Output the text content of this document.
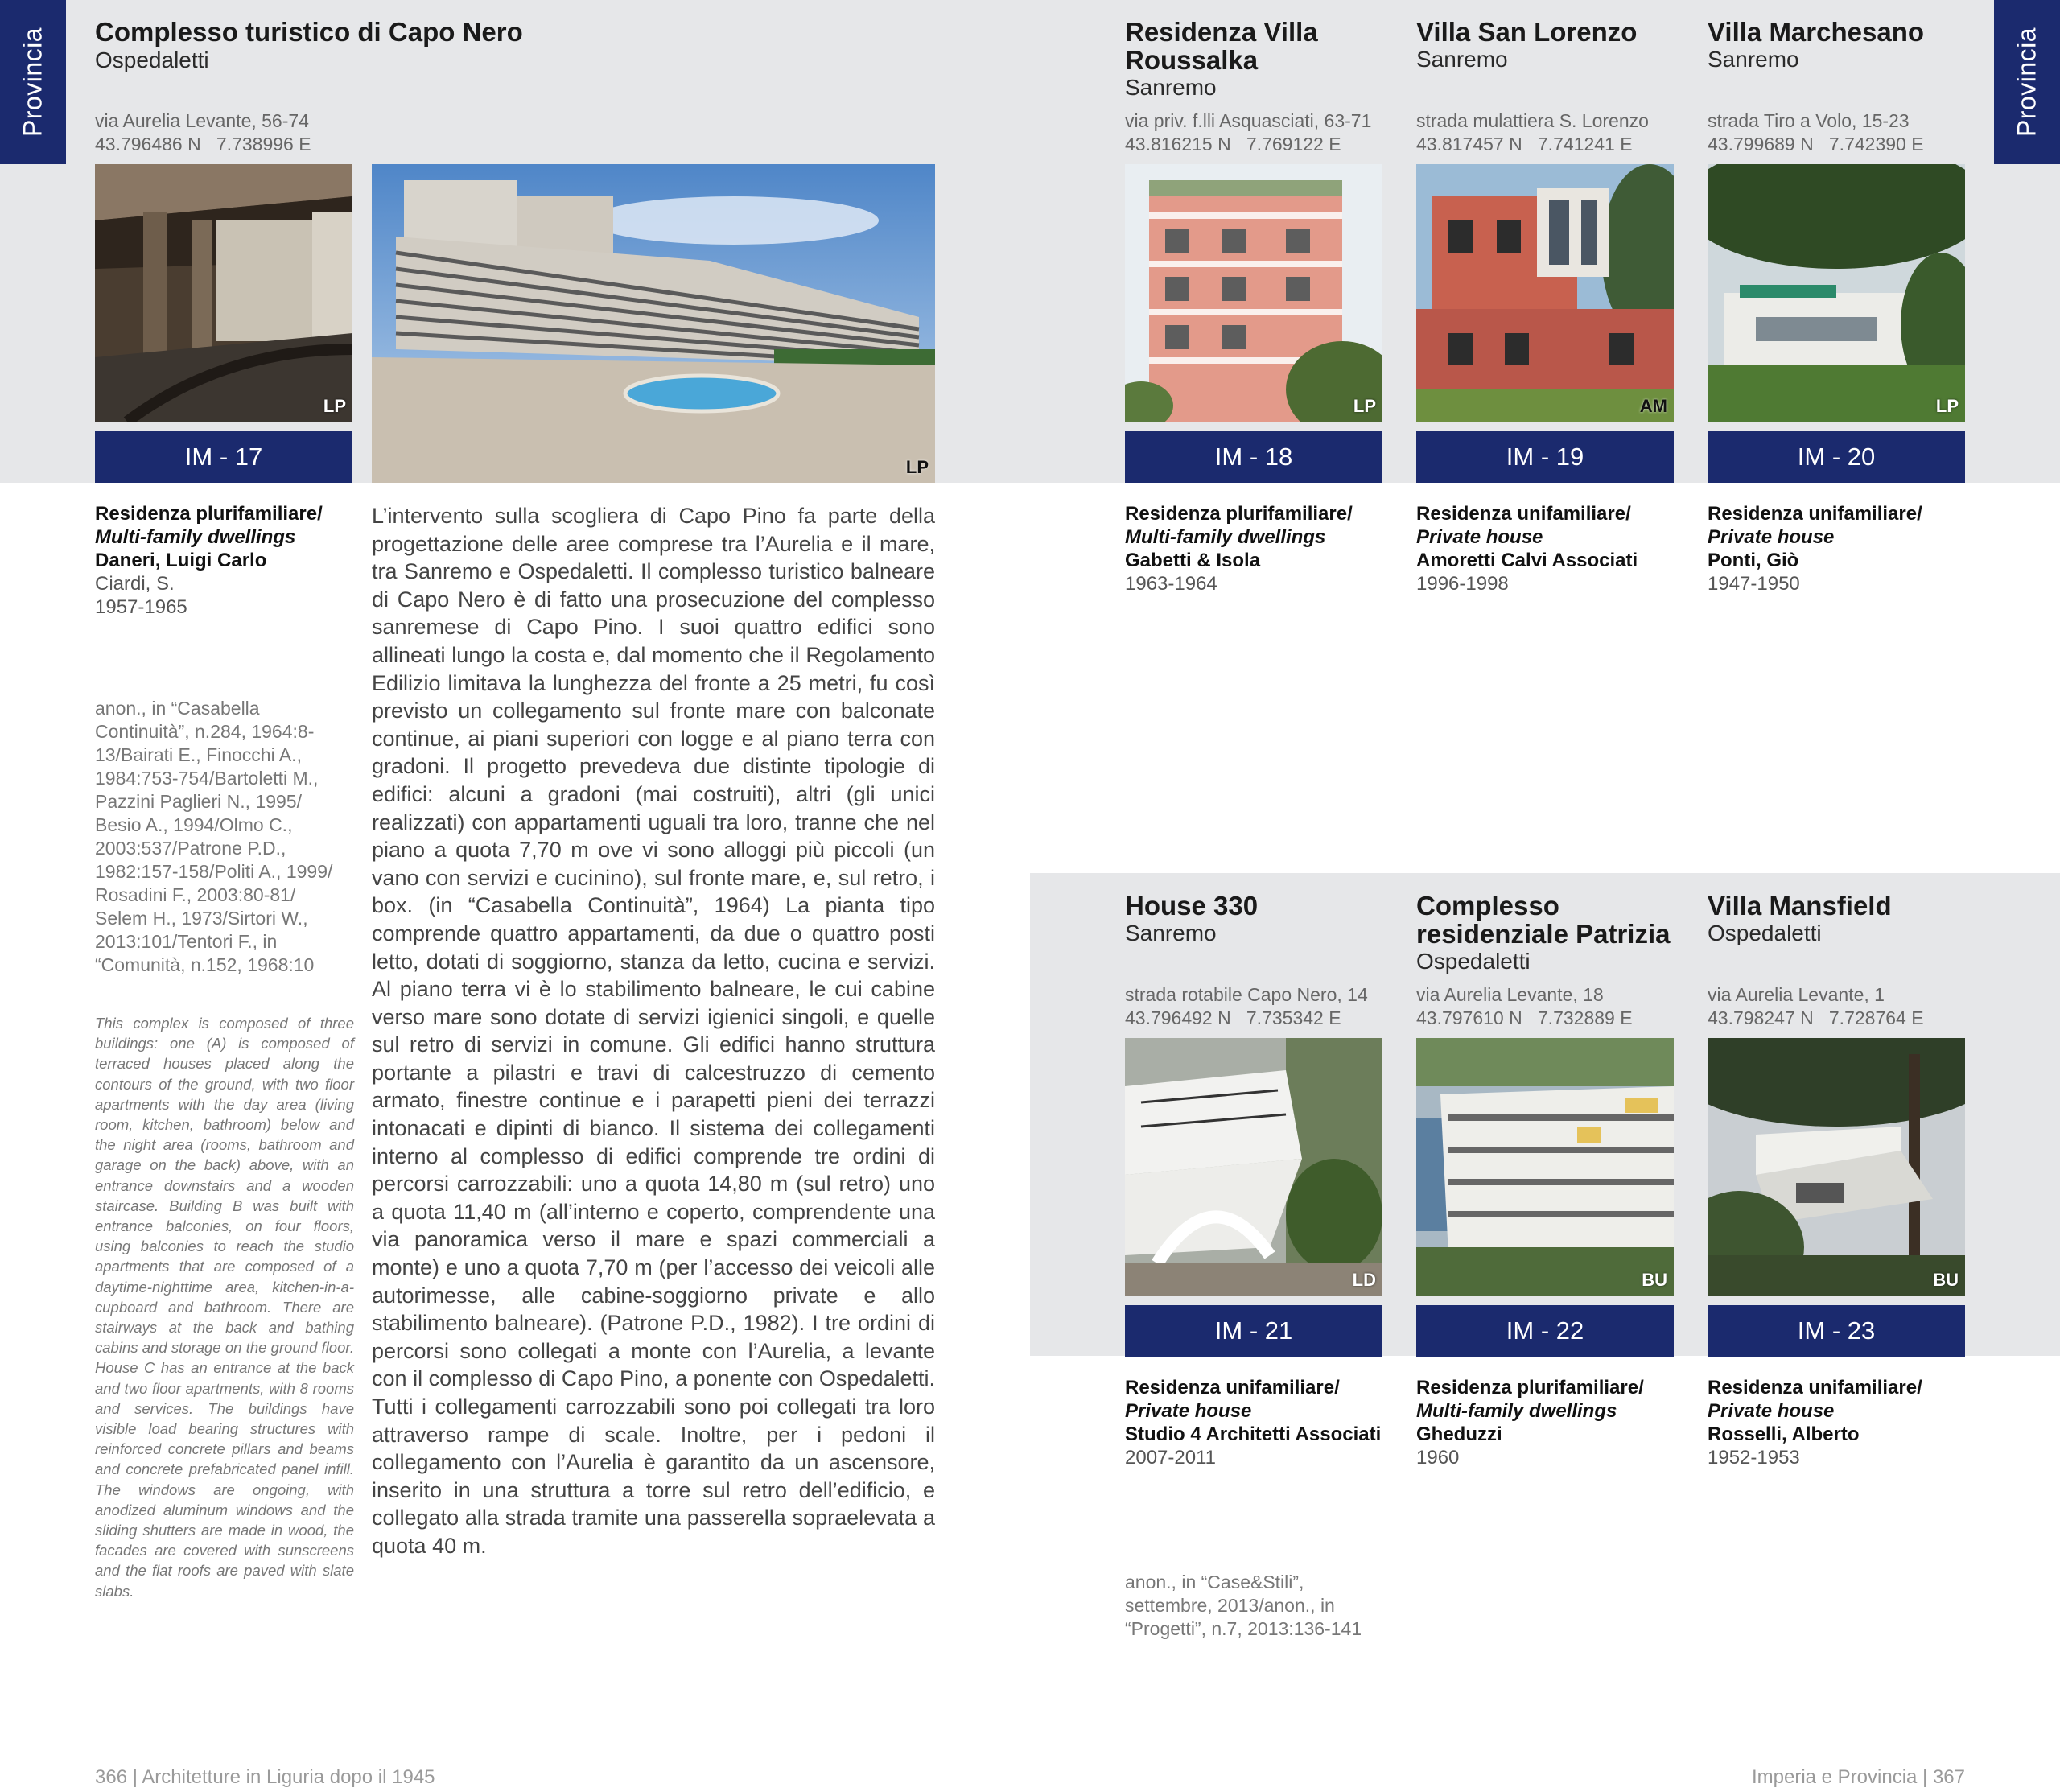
Provincia	Provincia
Complesso turistico di Capo Nero
Ospedaletti
via Aurelia Levante, 56-74
43.796486 N   7.738996 E
LP
LP
IM - 17
Residenza plurifamiliare/
Multi-family dwellings
Daneri, Luigi Carlo
Ciardi, S.
1957-1965
anon., in “Casabella Continuità”, n.284, 1964:8-13/Bairati E., Finocchi A., 1984:753-754/Bartoletti M., Pazzini Paglieri N., 1995/ Besio A., 1994/Olmo C., 2003:537/Patrone P.D., 1982:157-158/Politi A., 1999/ Rosadini F., 2003:80-81/ Selem H., 1973/Sirtori W., 2013:101/Tentori F., in “Comunità, n.152, 1968:10
This complex is composed of three buildings: one (A) is composed of terraced houses placed along the contours of the ground, with two floor apartments with the day area (living room, kitchen, bathroom) below and the night area (rooms, bathroom and garage on the back) above, with an entrance downstairs and a wooden staircase. Building B was built with entrance balconies, on four floors, using balconies to reach the studio apartments that are composed of a daytime-nighttime area, kitchen-in-a-cupboard and bathroom. There are stairways at the back and bathing cabins and storage on the ground floor. House C has an entrance at the back and two floor apartments, with 8 rooms and services. The buildings have visible load bearing structures with reinforced concrete pillars and beams and concrete prefabricated panel infill. The windows are ongoing, with anodized aluminum windows and the sliding shutters are made in wood, the facades are covered with sunscreens and the flat roofs are paved with slate slabs.
L’intervento sulla scogliera di Capo Pino fa parte della progettazione delle aree comprese tra l’Aurelia e il mare, tra Sanremo e Ospedaletti. Il complesso turistico balneare di Capo Nero è di fatto una prosecuzione del complesso sanremese di Capo Pino. I suoi quattro edifici sono allineati lungo la costa e, dal momento che il Regolamento Edilizio limitava la lunghezza del fronte a 25 metri, fu così previsto un collegamento sul fronte mare con balconate continue, ai piani superiori con logge e al piano terra con gradoni. Il progetto prevedeva due distinte tipologie di edifici: alcuni a gradoni (mai costruiti), altri (gli unici realizzati) con appartamenti uguali tra loro, tranne che nel piano a quota 7,70 m ove vi sono alloggi più piccoli (un vano con servizi e cucinino), sul fronte mare, e, sul retro, i box. (in “Casabella Continuità”, 1964) La pianta tipo comprende quattro appartamenti, da due o quattro posti letto, dotati di soggiorno, stanza da letto, cucina e servizi. Al piano terra vi è lo stabilimento balneare, le cui cabine verso mare sono dotate di servizi igienici singoli, e quelle sul retro di servizi in comune. Gli edifici hanno struttura portante a pilastri e travi di calcestruzzo di cemento armato, finestre continue e i parapetti pieni dei terrazzi intonacati e dipinti di bianco. Il sistema dei collegamenti interno al complesso di edifici comprende tre ordini di percorsi carrozzabili: uno a quota 14,80 m (sul retro) uno a quota 11,40 m (all’interno e coperto, comprendente una via panoramica verso il mare e spazi commerciali a monte) e uno a quota 7,70 m (per l’accesso dei veicoli alle autorimesse, alle cabine-soggiorno private e allo stabilimento balneare). (Patrone P.D., 1982). I tre ordini di percorsi sono collegati a monte con l’Aurelia, a levante con il complesso di Capo Pino, a ponente con Ospedaletti. Tutti i collegamenti carrozzabili sono poi collegati tra loro attraverso rampe di scale. Inoltre, per i pedoni il collegamento con l’Aurelia è garantito da un ascensore, inserito in una struttura a torre sul retro dell’edificio, e collegato alla strada tramite una passerella sopraelevata a quota 40 m.
Residenza Villa Roussalka
Sanremo
via priv. f.lli Asquasciati, 63-71
43.816215 N   7.769122 E
Villa San Lorenzo
Sanremo
strada mulattiera S. Lorenzo
43.817457 N   7.741241 E
Villa Marchesano
Sanremo
strada Tiro a Volo, 15-23
43.799689 N   7.742390 E
LP	AM	LP
IM - 18	IM - 19	IM - 20
Residenza plurifamiliare/
Multi-family dwellings
Gabetti & Isola
1963-1964
Residenza unifamiliare/
Private house
Amoretti Calvi Associati
1996-1998
Residenza unifamiliare/
Private house
Ponti, Giò
1947-1950
House 330
Sanremo
strada rotabile Capo Nero, 14
43.796492 N   7.735342 E
Complesso residenziale Patrizia
Ospedaletti
via Aurelia Levante, 18
43.797610 N   7.732889 E
Villa Mansfield
Ospedaletti
via Aurelia Levante, 1
43.798247 N   7.728764 E
LD	BU	BU
IM - 21	IM - 22	IM - 23
Residenza unifamiliare/
Private house
Studio 4 Architetti Associati
2007-2011
Residenza plurifamiliare/
Multi-family dwellings
Gheduzzi
1960
Residenza unifamiliare/
Private house
Rosselli, Alberto
1952-1953
anon., in “Case&Stili”, settembre, 2013/anon., in “Progetti”, n.7, 2013:136-141
366 | Architetture in Liguria dopo il 1945	Imperia e Provincia | 367
